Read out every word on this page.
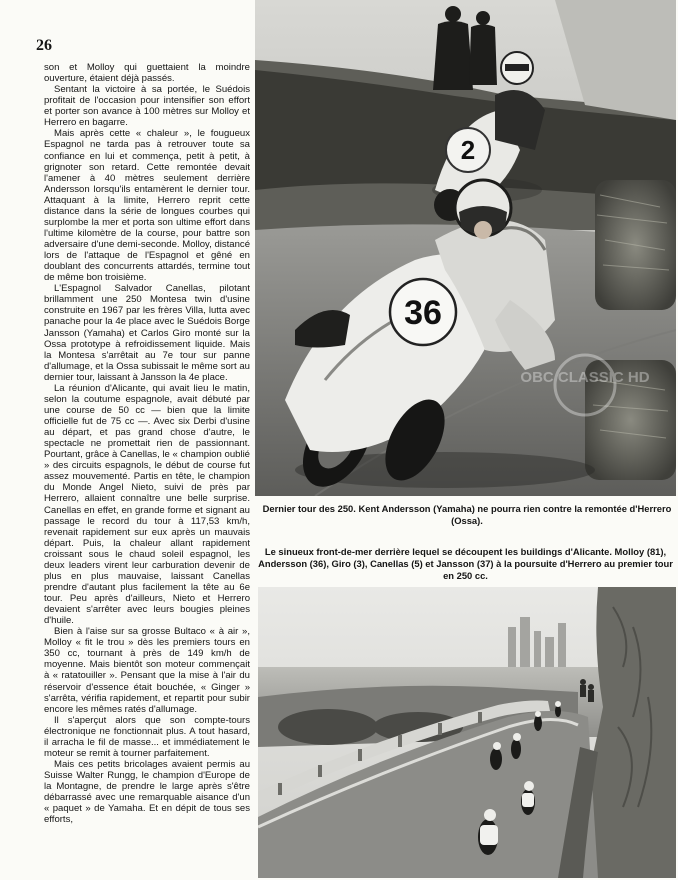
26

son et Molloy qui guettaient la moindre ouverture, étaient déjà passés.

Sentant la victoire à sa portée, le Suédois profitait de l'occasion pour intensifier son effort et porter son avance à 100 mètres sur Molloy et Herrero en bagarre.

Mais après cette « chaleur », le fougueux Espagnol ne tarda pas à retrouver toute sa confiance en lui et commença, petit à petit, à grignoter son retard. Cette remontée devait l'amener à 40 mètres seulement derrière Andersson lorsqu'ils entamèrent le dernier tour. Attaquant à la limite, Herrero reprit cette distance dans la série de longues courbes qui surplombe la mer et porta son ultime effort dans l'ultime kilomètre de la course, pour battre son adversaire d'une demi-seconde. Molloy, distancé lors de l'attaque de l'Espagnol et gêné en doublant des concurrents attardés, termine tout de même bon troisième.

L'Espagnol Salvador Canellas, pilotant brillamment une 250 Montesa twin d'usine construite en 1967 par les frères Villa, lutta avec panache pour la 4e place avec le Suédois Borge Jansson (Yamaha) et Carlos Giro monté sur la Ossa prototype à refroidissement liquide. Mais la Montesa s'arrêtait au 7e tour sur panne d'allumage, et la Ossa subissait le même sort au dernier tour, laissant à Jansson la 4e place.

La réunion d'Alicante, qui avait lieu le matin, selon la coutume espagnole, avait débuté par une course de 50 cc — bien que la limite officielle fut de 75 cc —. Avec six Derbi d'usine au départ, et pas grand chose d'autre, le spectacle ne promettait rien de passionnant. Pourtant, grâce à Canellas, le « champion oublié » des circuits espagnols, le début de course fut assez mouvementé. Partis en tête, le champion du Monde Angel Nieto, suivi de près par Herrero, allaient connaître une belle surprise. Canellas en effet, en grande forme et signant au passage le record du tour à 117,53 km/h, revenait rapidement sur eux après un mauvais départ. Puis, la chaleur allant rapidement croissant sous le chaud soleil espagnol, les deux leaders virent leur carburation devenir de plus en plus mauvaise, laissant Canellas prendre d'autant plus facilement la tête au 6e tour. Peu après d'ailleurs, Nieto et Herrero devaient s'arrêter avec leurs bougies pleines d'huile.

Bien à l'aise sur sa grosse Bultaco « à air », Molloy « fit le trou » dès les premiers tours en 350 cc, tournant à près de 149 km/h de moyenne. Mais bientôt son moteur commençait à « ratatouiller ». Pensant que la mise à l'air du réservoir d'essence était bouchée, « Ginger » s'arrêta, vérifia rapidement, et repartit pour subir encore les mêmes ratés d'allumage.

Il s'aperçut alors que son compte-tours électronique ne fonctionnait plus. A tout hasard, il arracha le fil de masse... et immédiatement le moteur se remit à tourner parfaitement.

Mais ces petits bricolages avaient permis au Suisse Walter Rungg, le champion d'Europe de la Montagne, de prendre le large après s'être débarrassé avec une remarquable aisance d'un « paquet » de Yamaha. Et en dépit de tous ses efforts,

2
36
OBC CLASSIC HD
Dernier tour des 250. Kent Andersson (Yamaha) ne pourra rien contre la remontée d'Herrero (Ossa).
Le sinueux front-de-mer derrière lequel se découpent les buildings d'Alicante. Molloy (81), Andersson (36), Giro (3), Canellas (5) et Jansson (37) à la poursuite d'Herrero au premier tour en 250 cc.
